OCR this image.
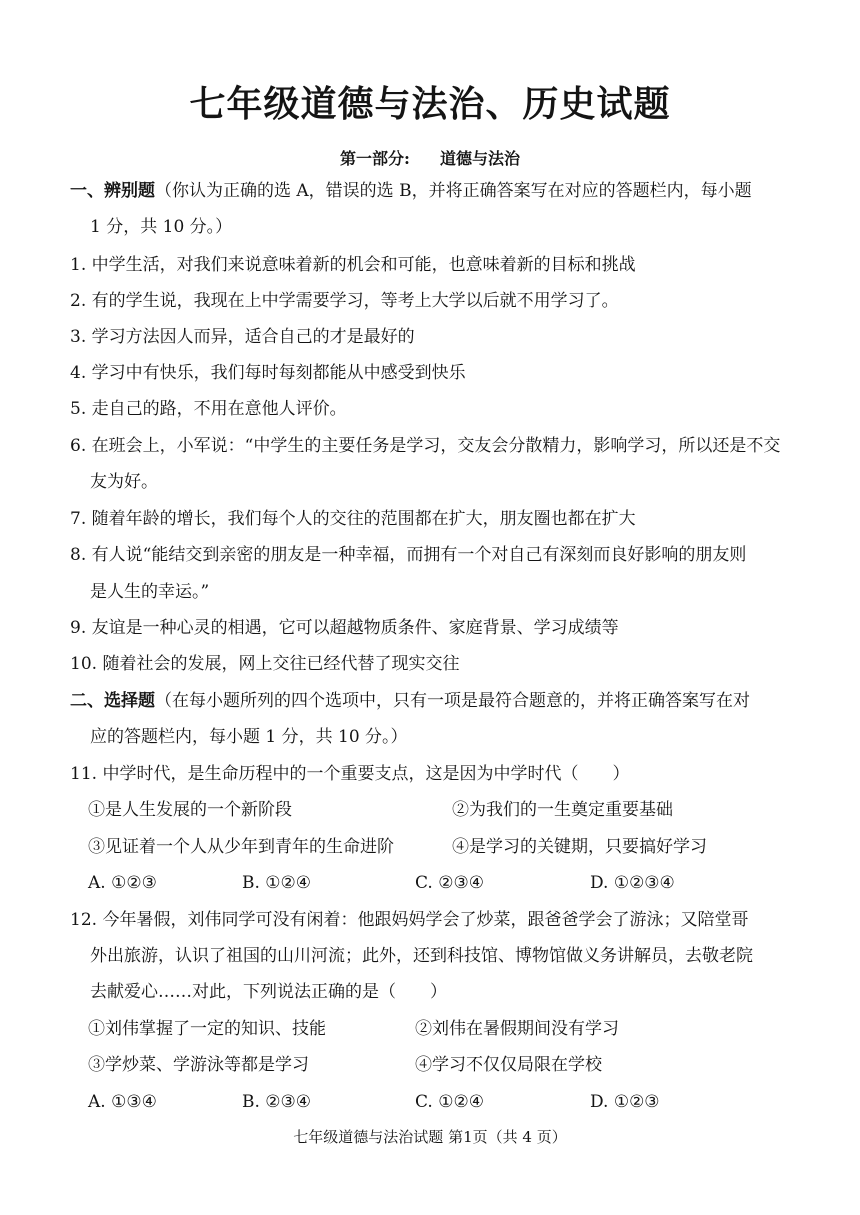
七年级道德与法治、历史试题
第一部分: 道德与法治
一、辨别题（你认为正确的选 A，错误的选 B，并将正确答案写在对应的答题栏内，每小题
1 分，共 10 分。）
1. 中学生活，对我们来说意味着新的机会和可能，也意味着新的目标和挑战
2. 有的学生说，我现在上中学需要学习，等考上大学以后就不用学习了。
3. 学习方法因人而异，适合自己的才是最好的
4. 学习中有快乐，我们每时每刻都能从中感受到快乐
5. 走自己的路，不用在意他人评价。
6. 在班会上，小军说：“中学生的主要任务是学习，交友会分散精力，影响学习，所以还是不交
友为好。
7. 随着年龄的增长，我们每个人的交往的范围都在扩大，朋友圈也都在扩大
8. 有人说“能结交到亲密的朋友是一种幸福，而拥有一个对自己有深刻而良好影响的朋友则
是人生的幸运。”
9. 友谊是一种心灵的相遇，它可以超越物质条件、家庭背景、学习成绩等
10. 随着社会的发展，网上交往已经代替了现实交往
二、选择题（在每小题所列的四个选项中，只有一项是最符合题意的，并将正确答案写在对
应的答题栏内，每小题 1 分，共 10 分。）
11. 中学时代，是生命历程中的一个重要支点，这是因为中学时代（　　）
①是人生发展的一个新阶段	②为我们的一生奠定重要基础
③见证着一个人从少年到青年的生命进阶	④是学习的关键期，只要搞好学习
A. ①②③	B. ①②④	C. ②③④	D. ①②③④
12. 今年暑假，刘伟同学可没有闲着：他跟妈妈学会了炒菜，跟爸爸学会了游泳；又陪堂哥
外出旅游，认识了祖国的山川河流；此外，还到科技馆、博物馆做义务讲解员，去敬老院
去献爱心……对此，下列说法正确的是（　　）
①刘伟掌握了一定的知识、技能	②刘伟在暑假期间没有学习
③学炒菜、学游泳等都是学习	④学习不仅仅局限在学校
A. ①③④	B. ②③④	C. ①②④	D. ①②③
七年级道德与法治试题 第1页（共 4 页）
